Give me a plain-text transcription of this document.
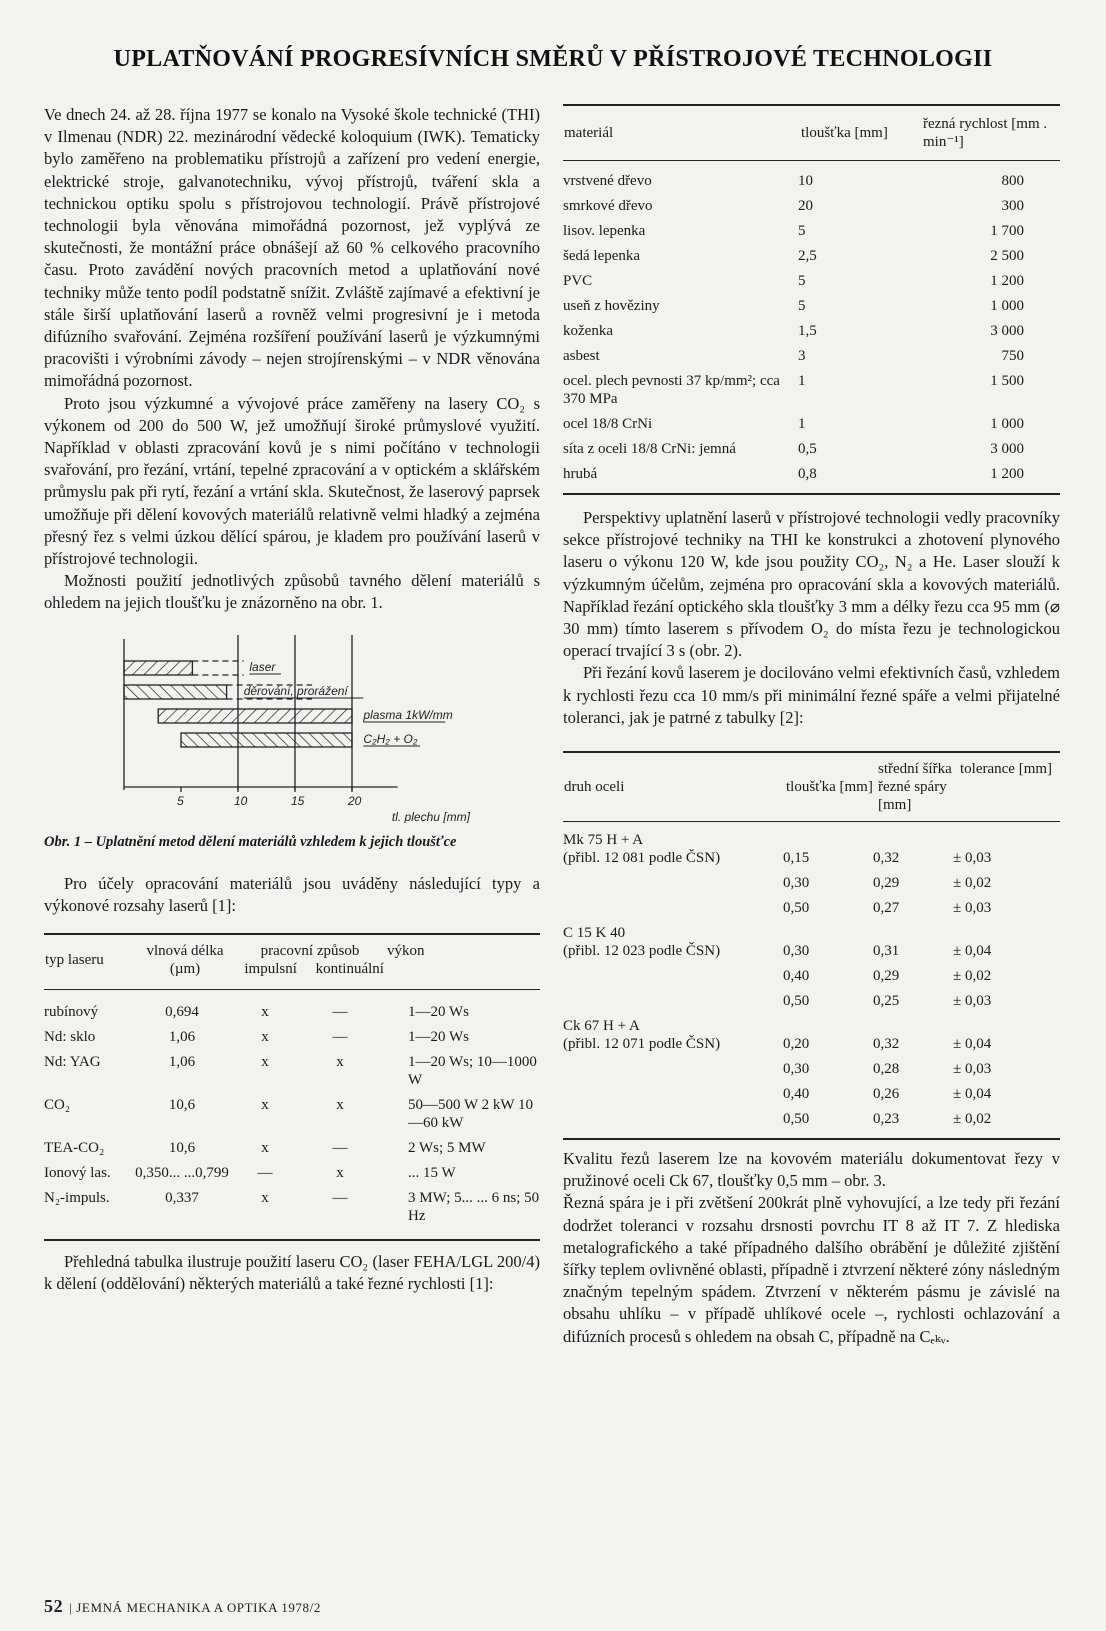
UPLATŇOVÁNÍ PROGRESÍVNÍCH SMĚRŮ V PŘÍSTROJOVÉ TECHNOLOGII

Ve dnech 24. až 28. října 1977 se konalo na Vysoké škole technické (THI) v Ilmenau (NDR) 22. mezinárodní vědecké koloquium (IWK). Tematicky bylo zaměřeno na problematiku přístrojů a zařízení pro vedení energie, elektrické stroje, galvanotechniku, vývoj přístrojů, tváření skla a technickou optiku spolu s přístrojovou technologií. Právě přístrojové technologii byla věnována mimořádná pozornost, jež vyplývá ze skutečnosti, že montážní práce obnášejí až 60 % celkového pracovního času. Proto zavádění nových pracovních metod a uplatňování nové techniky může tento podíl podstatně snížit. Zvláště zajímavé a efektivní je stále širší uplatňování laserů a rovněž velmi progresivní je i metoda difúzního svařování. Zejména rozšíření používání laserů je výzkumnými pracovišti i výrobními závody – nejen strojírenskými – v NDR věnována mimořádná pozornost.

Proto jsou výzkumné a vývojové práce zaměřeny na lasery CO₂ s výkonem od 200 do 500 W, jež umožňují široké průmyslové využití. Například v oblasti zpracování kovů je s nimi počítáno v technologii svařování, pro řezání, vrtání, tepelné zpracování a v optickém a sklářském průmyslu pak při rytí, řezání a vrtání skla. Skutečnost, že laserový paprsek umožňuje při dělení kovových materiálů relativně velmi hladký a zejména přesný řez s velmi úzkou dělící spárou, je kladem pro používání laserů v přístrojové technologii.

Možnosti použití jednotlivých způsobů tavného dělení materiálů s ohledem na jejich tloušťku je znázorněno na obr. 1.

5	10	15	20
laser
děrování, prorážení
plasma 1kW/mm
C₂H₂ + O₂
tl. plechu [mm]
Obr. 1 – Uplatnění metod dělení materiálů vzhledem k jejich tloušťce

Pro účely opracování materiálů jsou uváděny následující typy a výkonové rozsahy laserů [1]:

typ laseru	vlnová délka (µm)	
pracovní způsob
impulsní kontinuální
	výkon
rubínový	0,694	x	—	1—20 Ws
Nd: sklo	1,06	x	—	1—20 Ws
Nd: YAG	1,06	x	x	1—20 Ws; 10—1000 W
CO₂	10,6	x	x	50—500 W 2 kW 10—60 kW
TEA-CO₂	10,6	x	—	2 Ws; 5 MW
Ionový las.	0,350... ...0,799	—	x	... 15 W
N₂-impuls.	0,337	x	—	3 MW; 5... ... 6 ns; 50 Hz

Přehledná tabulka ilustruje použití laseru CO₂ (laser FEHA/LGL 200/4) k dělení (oddělování) některých materiálů a také řezné rychlosti [1]:

materiál	tloušťka [mm]	řezná rychlost [mm . min⁻¹]
vrstvené dřevo	10	800
smrkové dřevo	20	300
lisov. lepenka	5	1 700
šedá lepenka	2,5	2 500
PVC	5	1 200
useň z hověziny	5	1 000
koženka	1,5	3 000
asbest	3	750
ocel. plech pevnosti 37 kp/mm²; cca 370 MPa	1	1 500
ocel 18/8 CrNi	1	1 000
síta z oceli 18/8 CrNi: jemná	0,5	3 000
hrubá	0,8	1 200

Perspektivy uplatnění laserů v přístrojové technologii vedly pracovníky sekce přístrojové techniky na THI ke konstrukci a zhotovení plynového laseru o výkonu 120 W, kde jsou použity CO₂, N₂ a He. Laser slouží k výzkumným účelům, zejména pro opracování skla a kovových materiálů. Například řezání optického skla tloušťky 3 mm a délky řezu cca 95 mm (⌀ 30 mm) tímto laserem s přívodem O₂ do místa řezu je technologickou operací trvající 3 s (obr. 2).

Při řezání kovů laserem je docilováno velmi efektivních časů, vzhledem k rychlosti řezu cca 10 mm/s při minimální řezné spáře a velmi přijatelné toleranci, jak je patrné z tabulky [2]:

druh oceli	tloušťka [mm]	střední šířka řezné spáry [mm]	tolerance [mm]
Mk 75 H + A
(přibl. 12 081 podle ČSN)	0,15	0,32	± 0,03
	0,30	0,29	± 0,02
	0,50	0,27	± 0,03

C 15 K 40
(přibl. 12 023 podle ČSN)	0,30	0,31	± 0,04
	0,40	0,29	± 0,02
	0,50	0,25	± 0,03

Ck 67 H + A
(přibl. 12 071 podle ČSN)	0,20	0,32	± 0,04
	0,30	0,28	± 0,03
	0,40	0,26	± 0,04
	0,50	0,23	± 0,02

Kvalitu řezů laserem lze na kovovém materiálu dokumentovat řezy v pružinové oceli Ck 67, tloušťky 0,5 mm – obr. 3.

Řezná spára je i při zvětšení 200krát plně vyhovující, a lze tedy při řezání dodržet toleranci v rozsahu drsnosti povrchu IT 8 až IT 7. Z hlediska metalografického a také případného dalšího obrábění je důležité zjištění šířky teplem ovlivněné oblasti, případně i ztvrzení některé zóny následným značným tepelným spádem. Ztvrzení v některém pásmu je závislé na obsahu uhlíku – v případě uhlíkové ocele –, rychlosti ochlazování a difúzních procesů s ohledem na obsah C, případně na Cₑₖᵥ.

52 | JEMNÁ MECHANIKA A OPTIKA 1978/2
